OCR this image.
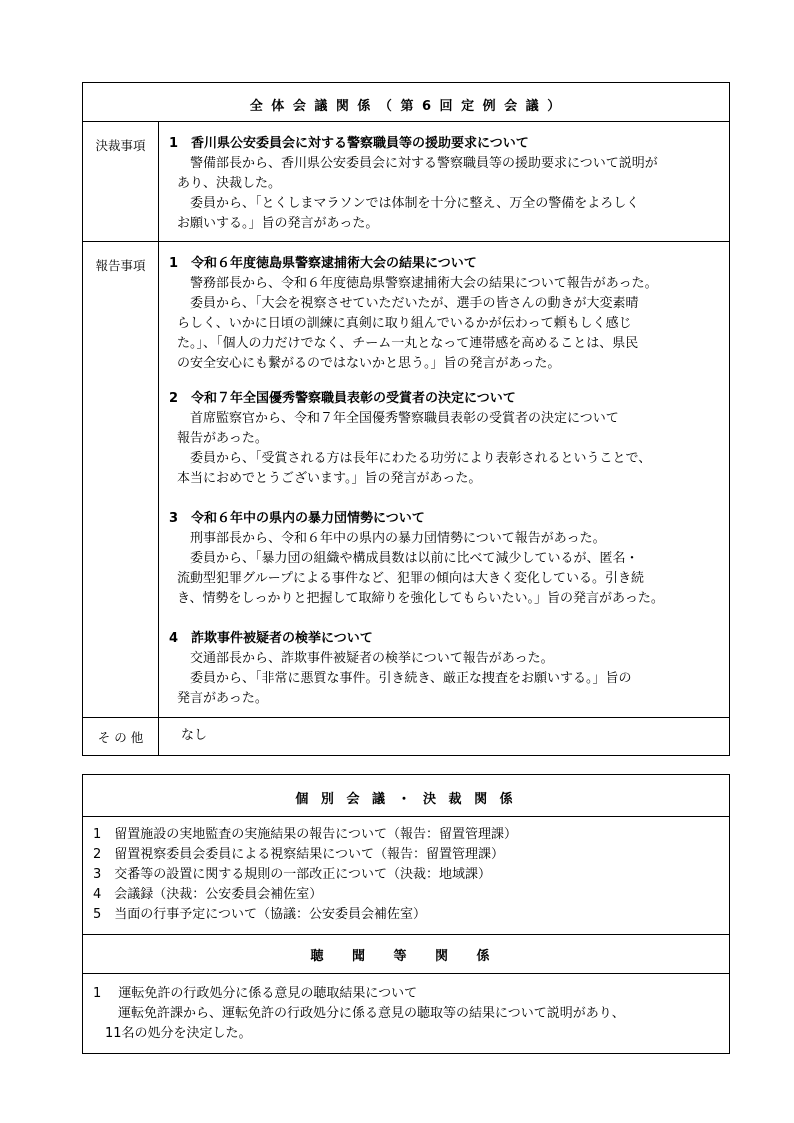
全 体 会 議 関 係 （ 第 6 回 定 例 会 議 ）
決裁事項	1　香川県公安委員会に対する警察職員等の援助要求について
　警備部長から、香川県公安委員会に対する警察職員等の援助要求について説明が
あり、決裁した。
　委員から、「とくしまマラソンでは体制を十分に整え、万全の警備をよろしく
お願いする。」旨の発言があった。
報告事項	1　令和６年度徳島県警察逮捕術大会の結果について
　警務部長から、令和６年度徳島県警察逮捕術大会の結果について報告があった。
　委員から、「大会を視察させていただいたが、選手の皆さんの動きが大変素晴
らしく、いかに日頃の訓練に真剣に取り組んでいるかが伝わって頼もしく感じ
た。」、「個人の力だけでなく、チーム一丸となって連帯感を高めることは、県民
の安全安心にも繋がるのではないかと思う。」旨の発言があった。
2　令和７年全国優秀警察職員表彰の受賞者の決定について
　首席監察官から、令和７年全国優秀警察職員表彰の受賞者の決定について
報告があった。
　委員から、「受賞される方は長年にわたる功労により表彰されるということで、
本当におめでとうございます。」旨の発言があった。
3　令和６年中の県内の暴力団情勢について
　刑事部長から、令和６年中の県内の暴力団情勢について報告があった。
　委員から、「暴力団の組織や構成員数は以前に比べて減少しているが、匿名・
流動型犯罪グループによる事件など、犯罪の傾向は大きく変化している。引き続
き、情勢をしっかりと把握して取締りを強化してもらいたい。」旨の発言があった。
4　詐欺事件被疑者の検挙について
　交通部長から、詐欺事件被疑者の検挙について報告があった。
　委員から、「非常に悪質な事件。引き続き、厳正な捜査をお願いする。」旨の
発言があった。
そ の 他	なし
個 別 会 議 ・ 決 裁 関 係
1　留置施設の実地監査の実施結果の報告について（報告：留置管理課）
2　留置視察委員会委員による視察結果について（報告：留置管理課）
3　交番等の設置に関する規則の一部改正について（決裁：地域課）
4　会議録（決裁：公安委員会補佐室）
5　当面の行事予定について（協議：公安委員会補佐室）
聴 聞 等 関 係
1　 運転免許の行政処分に係る意見の聴取結果について
　運転免許課から、運転免許の行政処分に係る意見の聴取等の結果について説明があり、
11名の処分を決定した。
